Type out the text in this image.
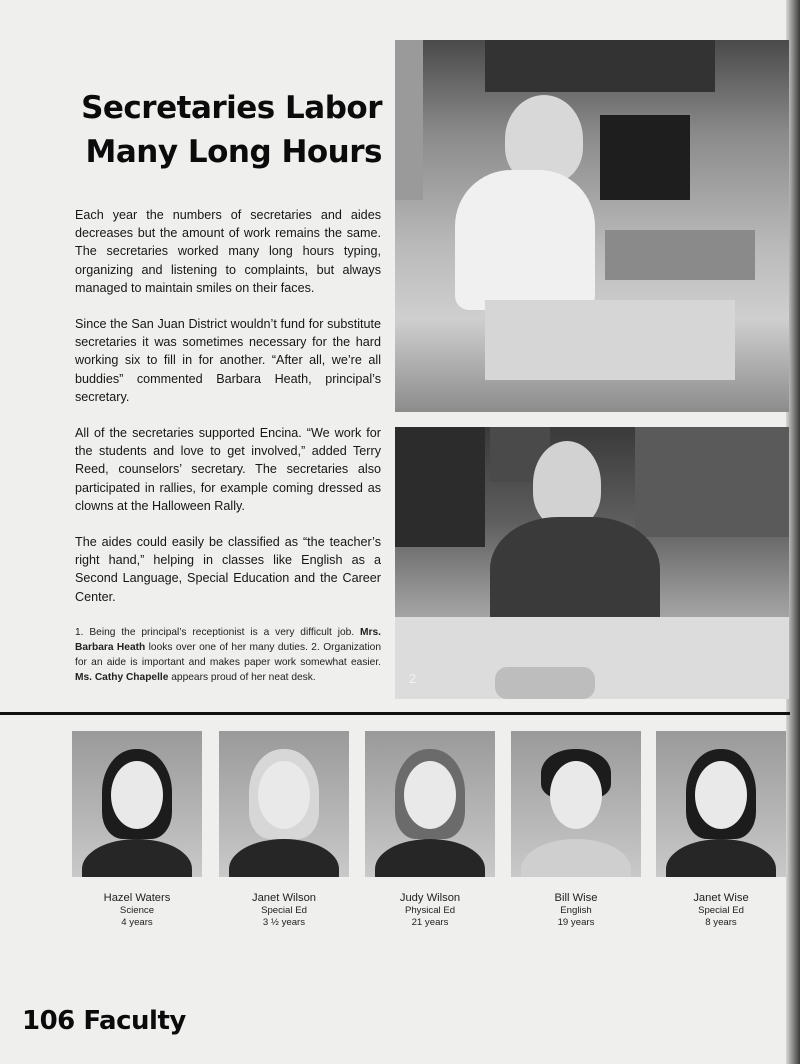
Secretaries Labor
Many Long Hours

Each year the numbers of secretaries and aides decreases but the amount of work remains the same. The secretaries worked many long hours typing, organizing and listening to complaints, but always managed to maintain smiles on their faces.

Since the San Juan District wouldn’t fund for substitute secretaries it was sometimes necessary for the hard working six to fill in for another. “After all, we’re all buddies” commented Barbara Heath, principal’s secretary.

All of the secretaries supported Encina. “We work for the students and love to get involved,” added Terry Reed, counselors’ secretary. The secretaries also participated in rallies, for example coming dressed as clowns at the Halloween Rally.

The aides could easily be classified as “the teacher’s right hand,” helping in classes like English as a Second Language, Special Education and the Career Center.

1. Being the principal’s receptionist is a very difficult job. Mrs. Barbara Heath looks over one of her many duties. 2. Organization for an aide is important and makes paper work somewhat easier. Ms. Cathy Chapelle appears proud of her neat desk.	2
Hazel Waters
Science
4 years
Janet Wilson
Special Ed
3 ½ years
Judy Wilson
Physical Ed
21 years
Bill Wise
English
19 years
Janet Wise
Special Ed
8 years
106 Faculty
